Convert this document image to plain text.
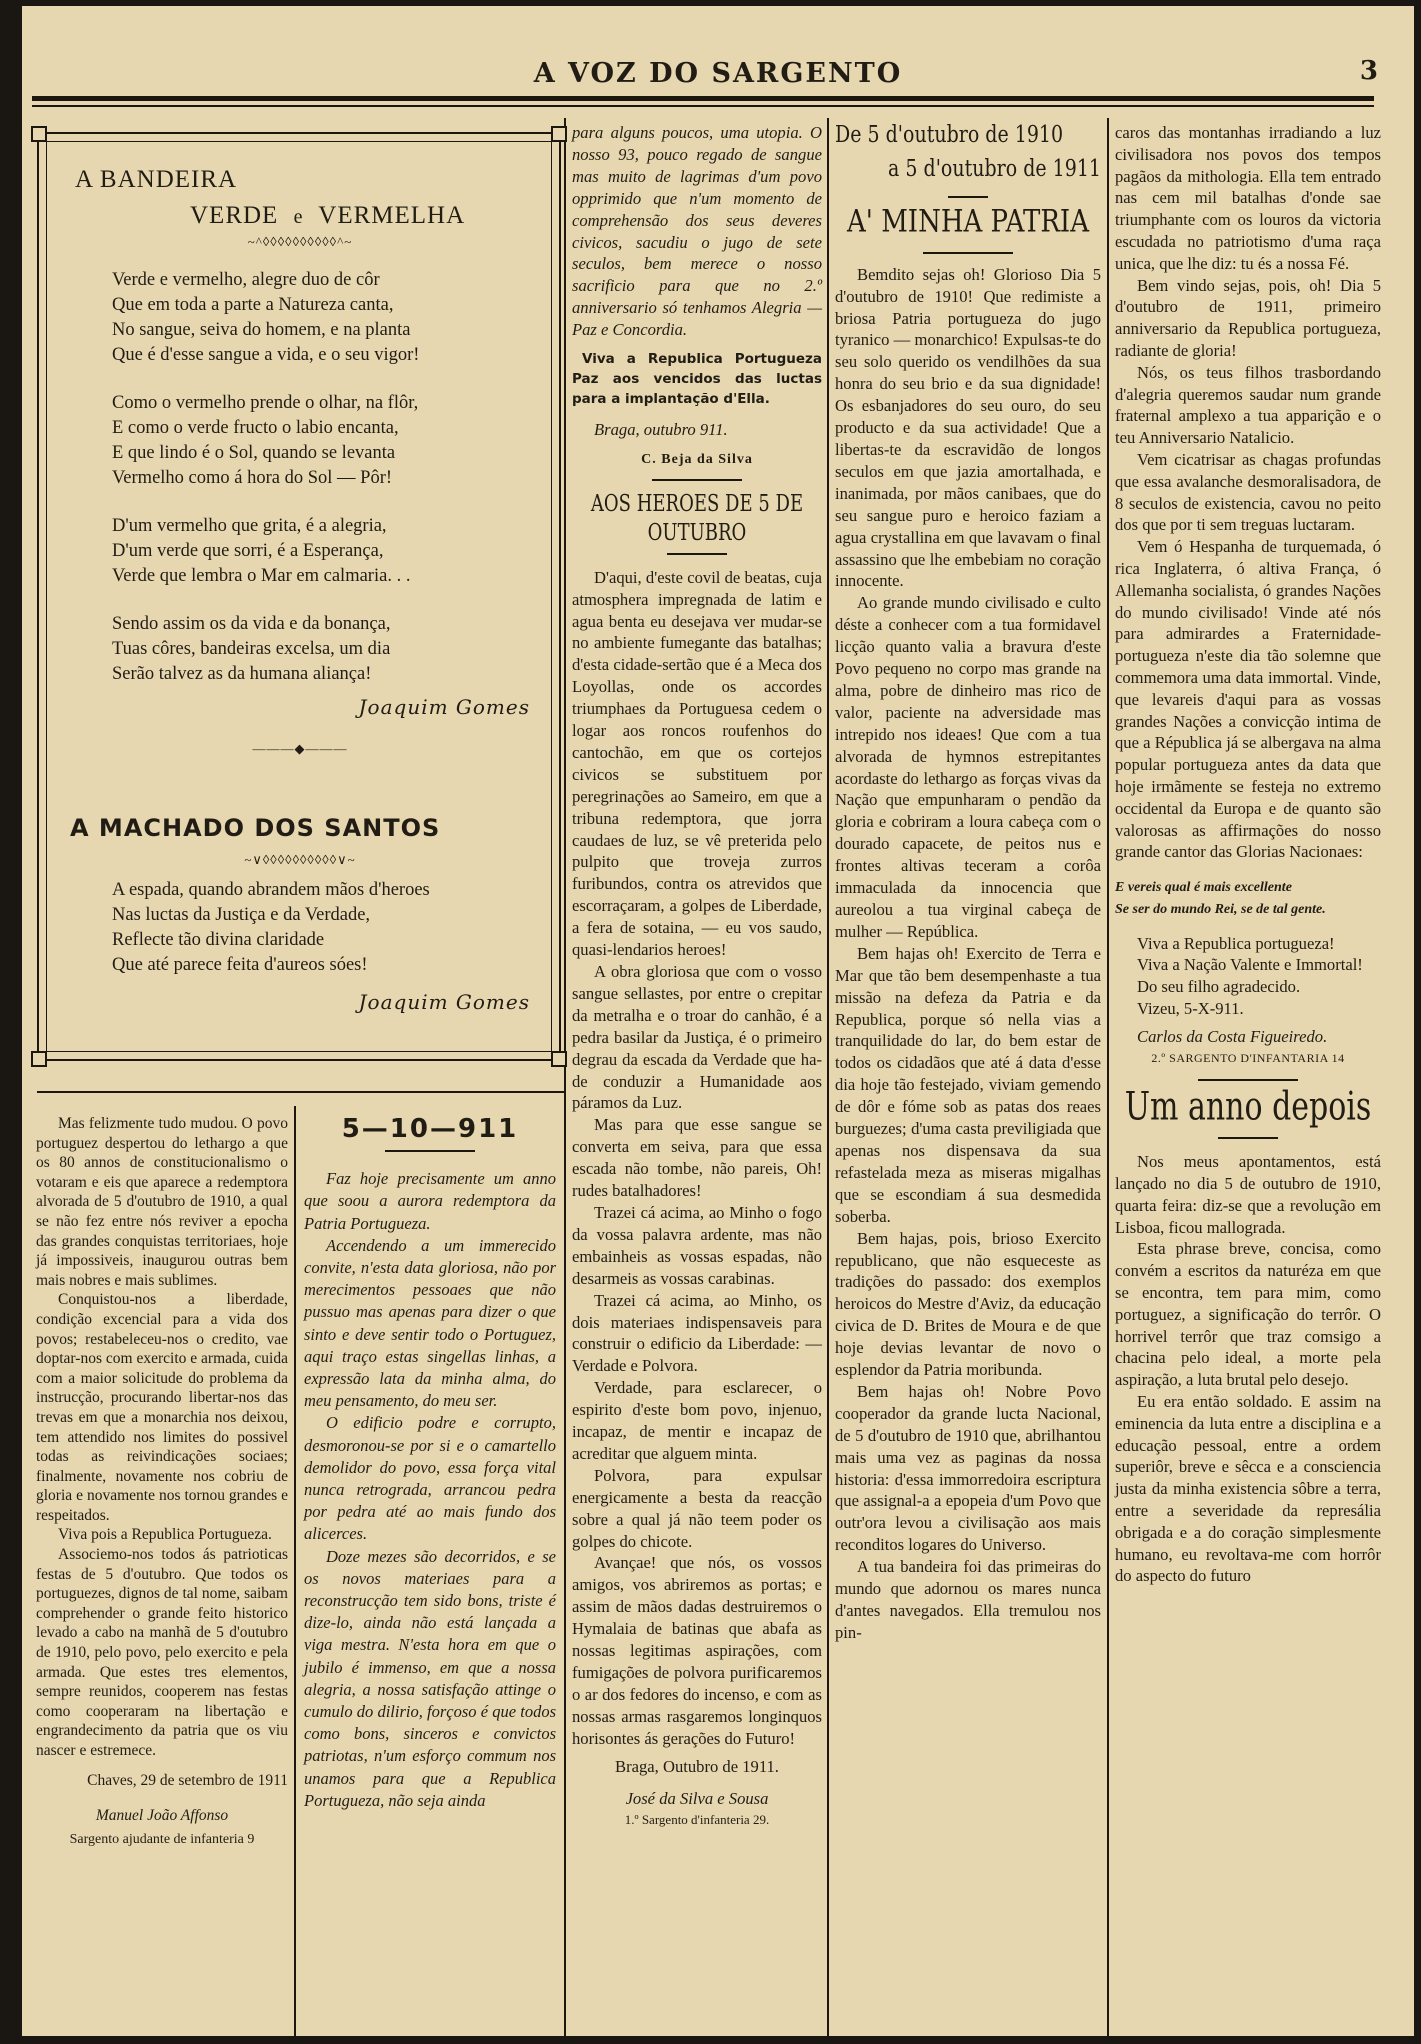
A VOZ DO SARGENTO	3
A BANDEIRA
VERDE e VERMELHA
~^◊◊◊◊◊◊◊◊◊◊^~
Verde e vermelho, alegre duo de côr
Que em toda a parte a Natureza canta,
No sangue, seiva do homem, e na planta
Que é d'esse sangue a vida, e o seu vigor!
Como o vermelho prende o olhar, na flôr,
E como o verde fructo o labio encanta,
E que lindo é o Sol, quando se levanta
Vermelho como á hora do Sol — Pôr!
D'um vermelho que grita, é a alegria,
D'um verde que sorri, é a Esperança,
Verde que lembra o Mar em calmaria. . .
Sendo assim os da vida e da bonança,
Tuas côres, bandeiras excelsa, um dia
Serão talvez as da humana aliança!
Joaquim Gomes
———◆———
A MACHADO DOS SANTOS
~∨◊◊◊◊◊◊◊◊◊◊∨~
A espada, quando abrandem mãos d'heroes
Nas luctas da Justiça e da Verdade,
Reflecte tão divina claridade
Que até parece feita d'aureos sóes!
Joaquim Gomes

Mas felizmente tudo mudou. O povo portuguez despertou do lethargo a que os 80 annos de constitucionalismo o votaram e eis que aparece a redemptora alvorada de 5 d'outubro de 1910, a qual se não fez entre nós reviver a epocha das grandes conquistas territoriaes, hoje já impossiveis, inaugurou outras bem mais nobres e mais sublimes.

Conquistou-nos a liberdade, condição excencial para a vida dos povos; restabeleceu-nos o credito, vae doptar-nos com exercito e armada, cuida com a maior solicitude do problema da instrucção, procurando libertar-nos das trevas em que a monarchia nos deixou, tem attendido nos limites do possivel todas as reivindicações sociaes; finalmente, novamente nos cobriu de gloria e novamente nos tornou grandes e respeitados.

Viva pois a Republica Portugueza.

Associemo-nos todos ás patrioticas festas de 5 d'outubro. Que todos os portuguezes, dignos de tal nome, saibam comprehender o grande feito historico levado a cabo na manhã de 5 d'outubro de 1910, pelo povo, pelo exercito e pela armada. Que estes tres elementos, sempre reunidos, cooperem nas festas como cooperaram na libertação e engrandecimento da patria que os viu nascer e estremece.

Chaves, 29 de setembro de 1911

Manuel João Affonso

Sargento ajudante de infanteria 9

5—10—911

Faz hoje precisamente um anno que soou a aurora redemptora da Patria Portugueza.

Accendendo a um immerecido convite, n'esta data gloriosa, não por merecimentos pessoaes que não pussuo mas apenas para dizer o que sinto e deve sentir todo o Portuguez, aqui traço estas singellas linhas, a expressão lata da minha alma, do meu pensamento, do meu ser.

O edificio podre e corrupto, desmoronou-se por si e o camartello demolidor do povo, essa força vital nunca retrograda, arrancou pedra por pedra até ao mais fundo dos alicerces.

Doze mezes são decorridos, e se os novos materiaes para a reconstrucção tem sido bons, triste é dize-lo, ainda não está lançada a viga mestra. N'esta hora em que o jubilo é immenso, em que a nossa alegria, a nossa satisfação attinge o cumulo do dilirio, forçoso é que todos como bons, sinceros e convictos patriotas, n'um esforço commum nos unamos para que a Republica Portugueza, não seja ainda

para alguns poucos, uma utopia. O nosso 93, pouco regado de sangue mas muito de lagrimas d'um povo opprimido que n'um momento de comprehensão dos seus deveres civicos, sacudiu o jugo de sete seculos, bem merece o nosso sacrificio para que no 2.º anniversario só tenhamos Alegria — Paz e Concordia.

Viva a Republica Portugueza Paz aos vencidos das luctas para a implantação d'Ella.

Braga, outubro 911.

C. Beja da Silva

AOS HEROES DE 5 DE OUTUBRO

D'aqui, d'este covil de beatas, cuja atmosphera impregnada de latim e agua benta eu desejava ver mudar-se no ambiente fumegante das batalhas; d'esta cidade-sertão que é a Meca dos Loyollas, onde os accordes triumphaes da Portuguesa cedem o logar aos roncos roufenhos do cantochão, em que os cortejos civicos se substituem por peregrinações ao Sameiro, em que a tribuna redemptora, que jorra caudaes de luz, se vê preterida pelo pulpito que troveja zurros furibundos, contra os atrevidos que escorraçaram, a golpes de Liberdade, a fera de sotaina, — eu vos saudo, quasi-lendarios heroes!

A obra gloriosa que com o vosso sangue sellastes, por entre o crepitar da metralha e o troar do canhão, é a pedra basilar da Justiça, é o primeiro degrau da escada da Verdade que ha-de conduzir a Humanidade aos páramos da Luz.

Mas para que esse sangue se converta em seiva, para que essa escada não tombe, não pareis, Oh! rudes batalhadores!

Trazei cá acima, ao Minho o fogo da vossa palavra ardente, mas não embainheis as vossas espadas, não desarmeis as vossas carabinas.

Trazei cá acima, ao Minho, os dois materiaes indispensaveis para construir o edificio da Liberdade: — Verdade e Polvora.

Verdade, para esclarecer, o espirito d'este bom povo, injenuo, incapaz, de mentir e incapaz de acreditar que alguem minta.

Polvora, para expulsar energicamente a besta da reacção sobre a qual já não teem poder os golpes do chicote.

Avançae! que nós, os vossos amigos, vos abriremos as portas; e assim de mãos dadas destruiremos o Hymalaia de batinas que abafa as nossas legitimas aspirações, com fumigações de polvora purificaremos o ar dos fedores do incenso, e com as nossas armas rasgaremos longinquos horisontes ás gerações do Futuro!

Braga, Outubro de 1911.

José da Silva e Sousa

1.º Sargento d'infanteria 29.

De 5 d'outubro de 1910
a 5 d'outubro de 1911
A' MINHA PATRIA

Bemdito sejas oh! Glorioso Dia 5 d'outubro de 1910! Que redimiste a briosa Patria portugueza do jugo tyranico — monarchico! Expulsas-te do seu solo querido os vendilhões da sua honra do seu brio e da sua dignidade! Os esbanjadores do seu ouro, do seu producto e da sua actividade! Que a libertas-te da escravidão de longos seculos em que jazia amortalhada, e inanimada, por mãos canibaes, que do seu sangue puro e heroico faziam a agua crystallina em que lavavam o final assassino que lhe embebiam no coração innocente.

Ao grande mundo civilisado e culto déste a conhecer com a tua formidavel licção quanto valia a bravura d'este Povo pequeno no corpo mas grande na alma, pobre de dinheiro mas rico de valor, paciente na adversidade mas intrepido nos ideaes! Que com a tua alvorada de hymnos estrepitantes acordaste do lethargo as forças vivas da Nação que empunharam o pendão da gloria e cobriram a loura cabeça com o dourado capacete, de peitos nus e frontes altivas teceram a corôa immaculada da innocencia que aureolou a tua virginal cabeça de mulher — República.

Bem hajas oh! Exercito de Terra e Mar que tão bem desempenhaste a tua missão na defeza da Patria e da Republica, porque só nella vias a tranquilidade do lar, do bem estar de todos os cidadãos que até á data d'esse dia hoje tão festejado, viviam gemendo de dôr e fóme sob as patas dos reaes burguezes; d'uma casta previligiada que apenas nos dispensava da sua refastelada meza as miseras migalhas que se escondiam á sua desmedida soberba.

Bem hajas, pois, brioso Exercito republicano, que não esqueceste as tradições do passado: dos exemplos heroicos do Mestre d'Aviz, da educação civica de D. Brites de Moura e de que hoje devias levantar de novo o esplendor da Patria moribunda.

Bem hajas oh! Nobre Povo cooperador da grande lucta Nacional, de 5 d'outubro de 1910 que, abrilhantou mais uma vez as paginas da nossa historia: d'essa immorredoira escriptura que assignal-a a epopeia d'um Povo que outr'ora levou a civilisação aos mais reconditos logares do Universo.

A tua bandeira foi das primeiras do mundo que adornou os mares nunca d'antes navegados. Ella tremulou nos pin-

caros das montanhas irradiando a luz civilisadora nos povos dos tempos pagãos da mithologia. Ella tem entrado nas cem mil batalhas d'onde sae triumphante com os louros da victoria escudada no patriotismo d'uma raça unica, que lhe diz: tu és a nossa Fé.

Bem vindo sejas, pois, oh! Dia 5 d'outubro de 1911, primeiro anniversario da Republica portugueza, radiante de gloria!

Nós, os teus filhos trasbordando d'alegria queremos saudar num grande fraternal amplexo a tua apparição e o teu Anniversario Natalicio.

Vem cicatrisar as chagas profundas que essa avalanche desmoralisadora, de 8 seculos de existencia, cavou no peito dos que por ti sem treguas luctaram.

Vem ó Hespanha de turquemada, ó rica Inglaterra, ó altiva França, ó Allemanha socialista, ó grandes Nações do mundo civilisado! Vinde até nós para admirardes a Fraternidade-portugueza n'este dia tão solemne que commemora uma data immortal. Vinde, que levareis d'aqui para as vossas grandes Nações a convicção intima de que a Républica já se albergava na alma popular portugueza antes da data que hoje irmãmente se festeja no extremo occidental da Europa e de quanto são valorosas as affirmações do nosso grande cantor das Glorias Nacionaes:

E vereis qual é mais excellente

Se ser do mundo Rei, se de tal gente.

Viva a Republica portugueza!

Viva a Nação Valente e Immortal!

Do seu filho agradecido.

Vizeu, 5-X-911.

Carlos da Costa Figueiredo.

2.º SARGENTO D'INFANTARIA 14

Um anno depois

Nos meus apontamentos, está lançado no dia 5 de outubro de 1910, quarta feira: diz-se que a revolução em Lisboa, ficou mallograda.

Esta phrase breve, concisa, como convém a escritos da naturéza em que se encontra, tem para mim, como portuguez, a significação do terrôr. O horrivel terrôr que traz comsigo a chacina pelo ideal, a morte pela aspiração, a luta brutal pelo desejo.

Eu era então soldado. E assim na eminencia da luta entre a disciplina e a educação pessoal, entre a ordem superiôr, breve e sêcca e a consciencia justa da minha existencia sôbre a terra, entre a severidade da represália obrigada e a do coração simplesmente humano, eu revoltava-me com horrôr do aspecto do futuro
